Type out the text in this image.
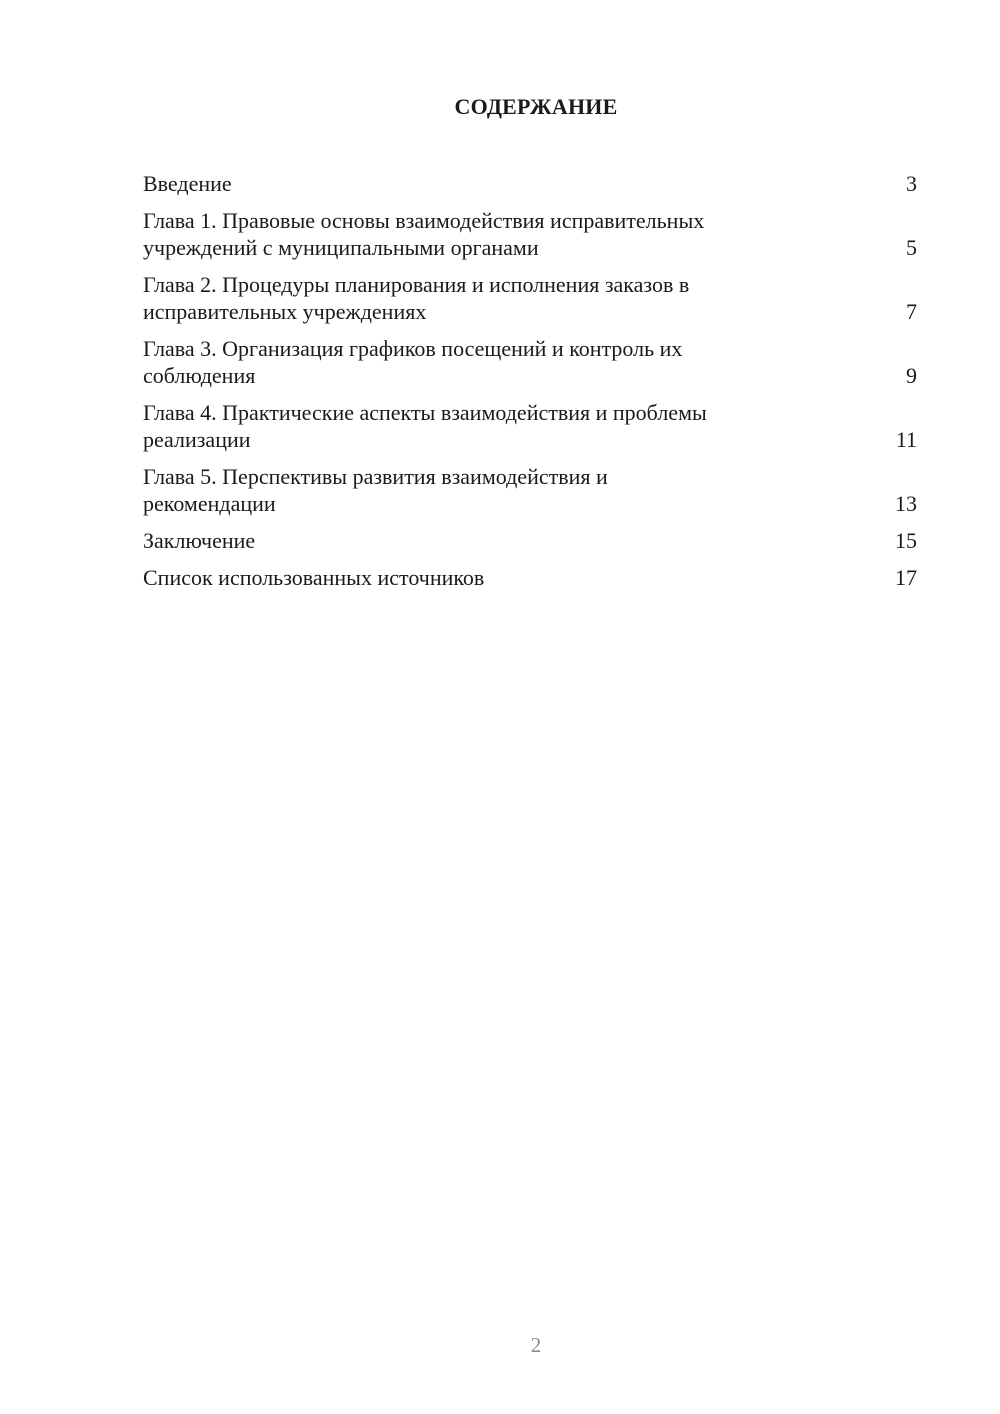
СОДЕРЖАНИЕ
Введение	3
Глава 1. Правовые основы взаимодействия исправительных
учреждений с муниципальными органами	5
Глава 2. Процедуры планирования и исполнения заказов в
исправительных учреждениях	7
Глава 3. Организация графиков посещений и контроль их
соблюдения	9
Глава 4. Практические аспекты взаимодействия и проблемы
реализации	11
Глава 5. Перспективы развития взаимодействия и
рекомендации	13
Заключение	15
Список использованных источников	17
2
